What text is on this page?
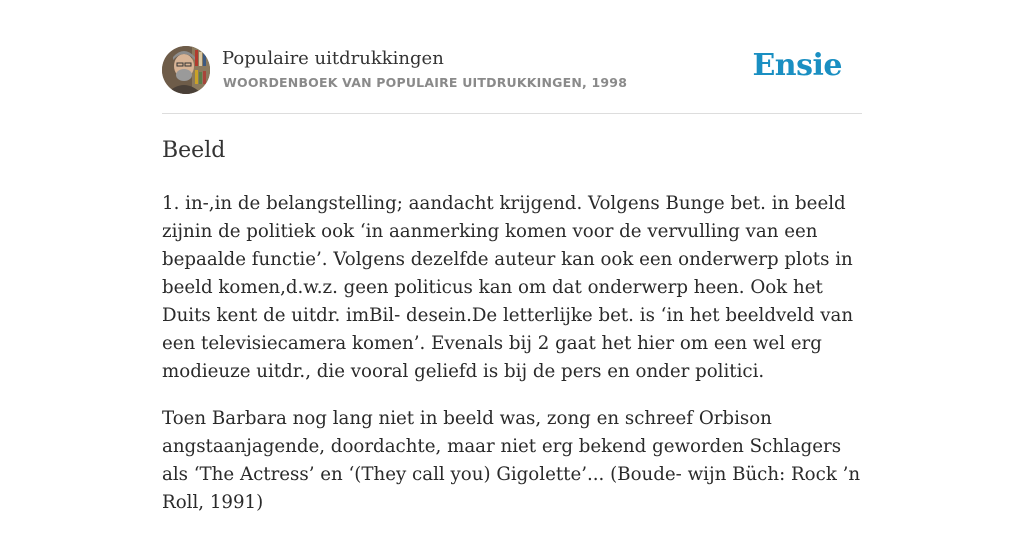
Populaire uitdrukkingen
WOORDENBOEK VAN POPULAIRE UITDRUKKINGEN, 1998	Ensie
Beeld

1. in-,in de belangstelling; aandacht krijgend. Volgens Bunge bet. in beeld zijnin de politiek ook ‘in aanmerking komen voor de vervulling van een bepaalde functie’. Volgens dezelfde auteur kan ook een onderwerp plots in beeld komen,d.w.z. geen politicus kan om dat onderwerp heen. Ook het Duits kent de uitdr. imBil- desein.De letterlijke bet. is ‘in het beeldveld van een televisiecamera komen’. Evenals bij 2 gaat het hier om een wel erg modieuze uitdr., die vooral geliefd is bij de pers en onder politici.

Toen Barbara nog lang niet in beeld was, zong en schreef Orbison angstaanjagende, doordachte, maar niet erg bekend geworden Schlagers als ‘The Actress’ en ‘(They call you) Gigolette’... (Boude- wijn Büch: Rock ’n Roll, 1991)
